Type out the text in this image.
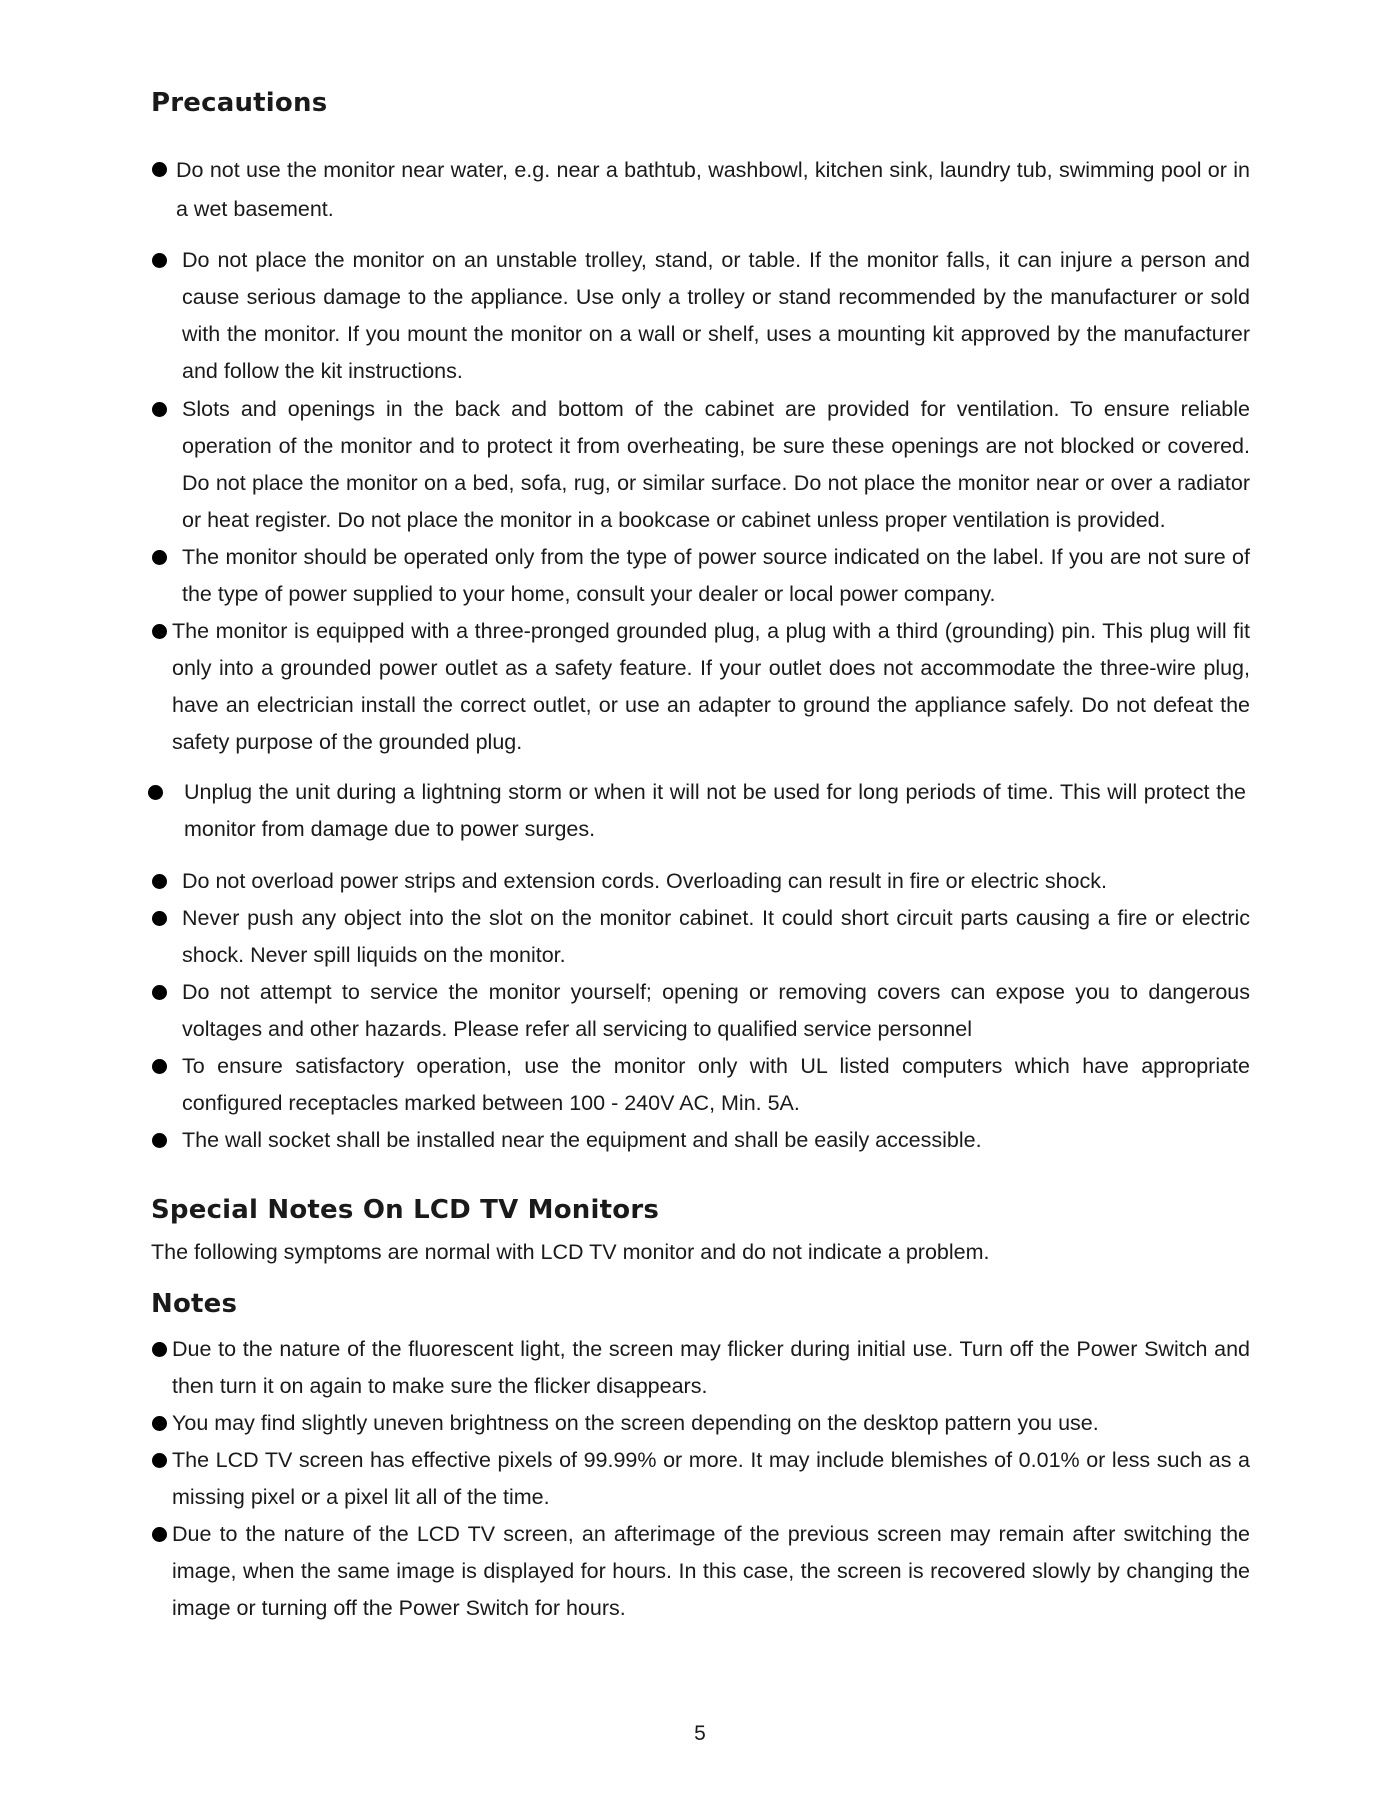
Precautions

Do not use the monitor near water, e.g. near a bathtub, washbowl, kitchen sink, laundry tub, swimming pool or in a wet basement.

Do not place the monitor on an unstable trolley, stand, or table. If the monitor falls, it can injure a person and cause serious damage to the appliance. Use only a trolley or stand recommended by the manufacturer or sold with the monitor. If you mount the monitor on a wall or shelf, uses a mounting kit approved by the manufacturer and follow the kit instructions.

Slots and openings in the back and bottom of the cabinet are provided for ventilation. To ensure reliable operation of the monitor and to protect it from overheating, be sure these openings are not blocked or covered. Do not place the monitor on a bed, sofa, rug, or similar surface. Do not place the monitor near or over a radiator or heat register. Do not place the monitor in a bookcase or cabinet unless proper ventilation is provided.

The monitor should be operated only from the type of power source indicated on the label. If you are not sure of the type of power supplied to your home, consult your dealer or local power company.

The monitor is equipped with a three-pronged grounded plug, a plug with a third (grounding) pin. This plug will fit only into a grounded power outlet as a safety feature. If your outlet does not accommodate the three-wire plug, have an electrician install the correct outlet, or use an adapter to ground the appliance safely. Do not defeat the safety purpose of the grounded plug.

Unplug the unit during a lightning storm or when it will not be used for long periods of time. This will protect the monitor from damage due to power surges.

Do not overload power strips and extension cords. Overloading can result in fire or electric shock.

Never push any object into the slot on the monitor cabinet. It could short circuit parts causing a fire or electric shock. Never spill liquids on the monitor.

Do not attempt to service the monitor yourself; opening or removing covers can expose you to dangerous voltages and other hazards. Please refer all servicing to qualified service personnel

To ensure satisfactory operation, use the monitor only with UL listed computers which have appropriate configured receptacles marked between 100 - 240V AC, Min. 5A.

The wall socket shall be installed near the equipment and shall be easily accessible.

Special Notes On LCD TV Monitors

The following symptoms are normal with LCD TV monitor and do not indicate a problem.

Notes

Due to the nature of the fluorescent light, the screen may flicker during initial use. Turn off the Power Switch and then turn it on again to make sure the flicker disappears.

You may find slightly uneven brightness on the screen depending on the desktop pattern you use.

The LCD TV screen has effective pixels of 99.99% or more. It may include blemishes of 0.01% or less such as a missing pixel or a pixel lit all of the time.

Due to the nature of the LCD TV screen, an afterimage of the previous screen may remain after switching the image, when the same image is displayed for hours. In this case, the screen is recovered slowly by changing the image or turning off the Power Switch for hours.

5
